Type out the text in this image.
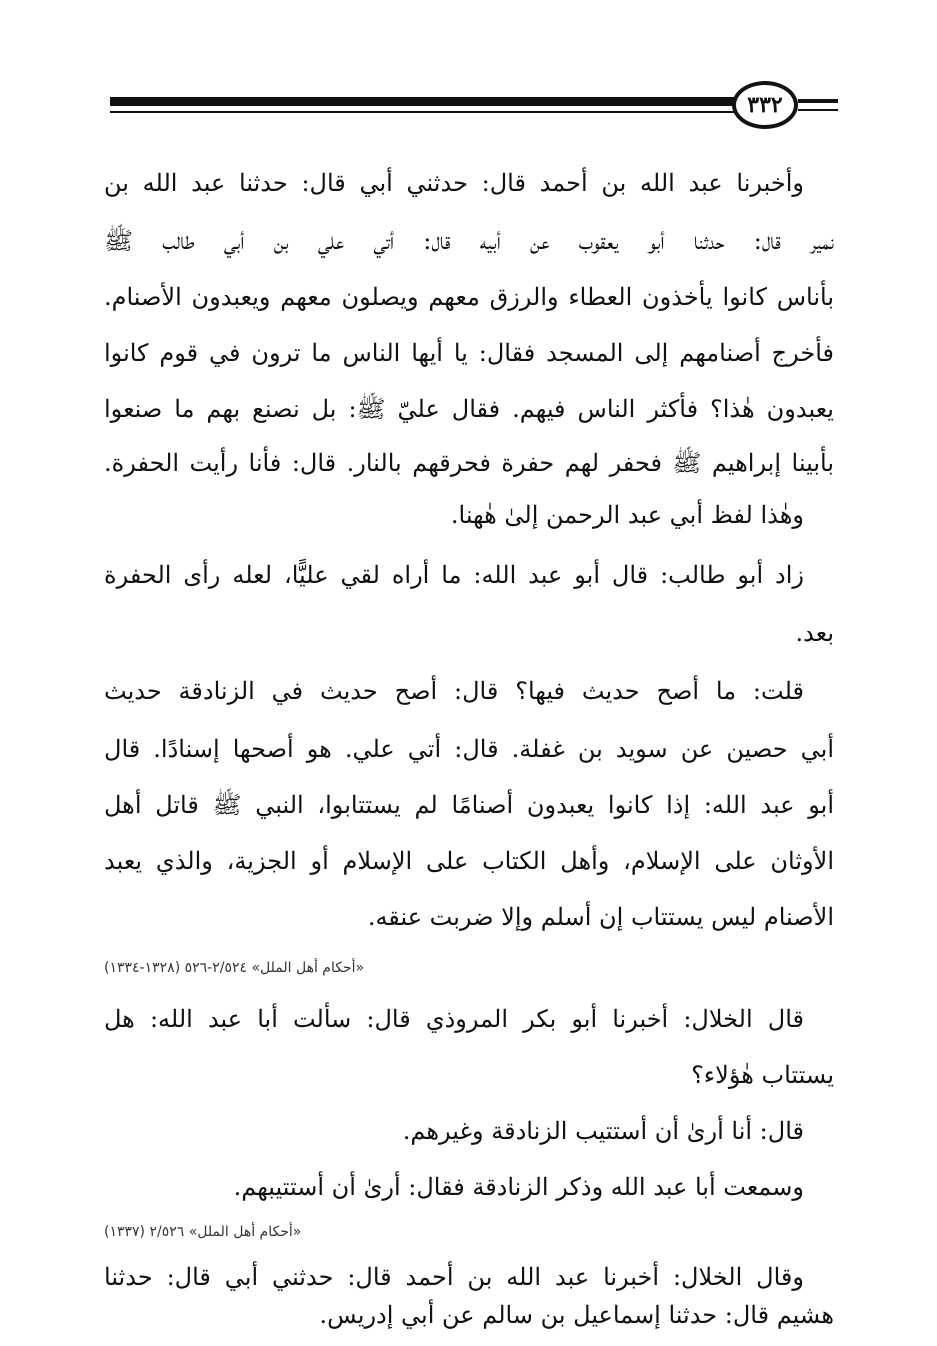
٣٣٢
وأخبرنا عبد الله بن أحمد قال: حدثني أبي قال: حدثنا عبد الله بن
نمير قال: حدثنا أبو يعقوب عن أبيه قال: أتي علي بن أبي طالب ﷺ
بأناس كانوا يأخذون العطاء والرزق معهم ويصلون معهم ويعبدون الأصنام.
فأخرج أصنامهم إلى المسجد فقال: يا أيها الناس ما ترون في قوم كانوا
يعبدون هٰذا؟ فأكثر الناس فيهم. فقال عليّ ﷺ: بل نصنع بهم ما صنعوا
بأبينا إبراهيم ﷺ فحفر لهم حفرة فحرقهم بالنار. قال: فأنا رأيت الحفرة.
وهٰذا لفظ أبي عبد الرحمن إلىٰ هٰهنا.
زاد أبو طالب: قال أبو عبد الله: ما أراه لقي عليًّا، لعله رأى الحفرة
بعد.
قلت: ما أصح حديث فيها؟ قال: أصح حديث في الزنادقة حديث
أبي حصين عن سويد بن غفلة. قال: أتي علي. هو أصحها إسنادًا. قال
أبو عبد الله: إذا كانوا يعبدون أصنامًا لم يستتابوا، النبي ﷺ قاتل أهل
الأوثان على الإسلام، وأهل الكتاب على الإسلام أو الجزية، والذي يعبد
الأصنام ليس يستتاب إن أسلم وإلا ضربت عنقه.
«أحكام أهل الملل» ٢/٥٢٤-٥٢٦ (١٣٢٨-١٣٣٤)
قال الخلال: أخبرنا أبو بكر المروذي قال: سألت أبا عبد الله: هل
يستتاب هٰؤلاء؟
قال: أنا أرىٰ أن أستتيب الزنادقة وغيرهم.
وسمعت أبا عبد الله وذكر الزنادقة فقال: أرىٰ أن أستتيبهم.
«أحكام أهل الملل» ٢/٥٢٦ (١٣٣٧)
وقال الخلال: أخبرنا عبد الله بن أحمد قال: حدثني أبي قال: حدثنا
هشيم قال: حدثنا إسماعيل بن سالم عن أبي إدريس.
